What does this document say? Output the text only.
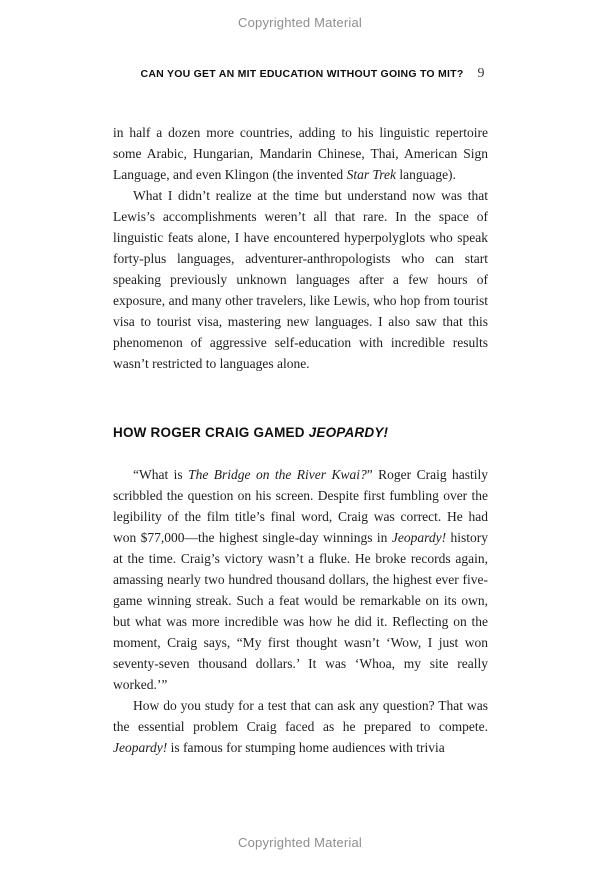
Copyrighted Material
CAN YOU GET AN MIT EDUCATION WITHOUT GOING TO MIT? 9

in half a dozen more countries, adding to his linguistic repertoire some Arabic, Hungarian, Mandarin Chinese, Thai, American Sign Language, and even Klingon (the invented Star Trek language).

What I didn’t realize at the time but understand now was that Lewis’s accomplishments weren’t all that rare. In the space of linguistic feats alone, I have encountered hyperpolyglots who speak forty-plus languages, adventurer-anthropologists who can start speaking previously unknown languages after a few hours of exposure, and many other travelers, like Lewis, who hop from tourist visa to tourist visa, mastering new languages. I also saw that this phenomenon of aggressive self-education with incredible results wasn’t restricted to languages alone.

HOW ROGER CRAIG GAMED JEOPARDY!

“What is The Bridge on the River Kwai?” Roger Craig hastily scribbled the question on his screen. Despite first fumbling over the legibility of the film title’s final word, Craig was correct. He had won $77,000—the highest single-day winnings in Jeopardy! history at the time. Craig’s victory wasn’t a fluke. He broke records again, amassing nearly two hundred thousand dollars, the highest ever five-game winning streak. Such a feat would be remarkable on its own, but what was more incredible was how he did it. Reflecting on the moment, Craig says, “My first thought wasn’t ‘Wow, I just won seventy-seven thousand dollars.’ It was ‘Whoa, my site really worked.’”

How do you study for a test that can ask any question? That was the essential problem Craig faced as he prepared to compete. Jeopardy! is famous for stumping home audiences with trivia

Copyrighted Material
